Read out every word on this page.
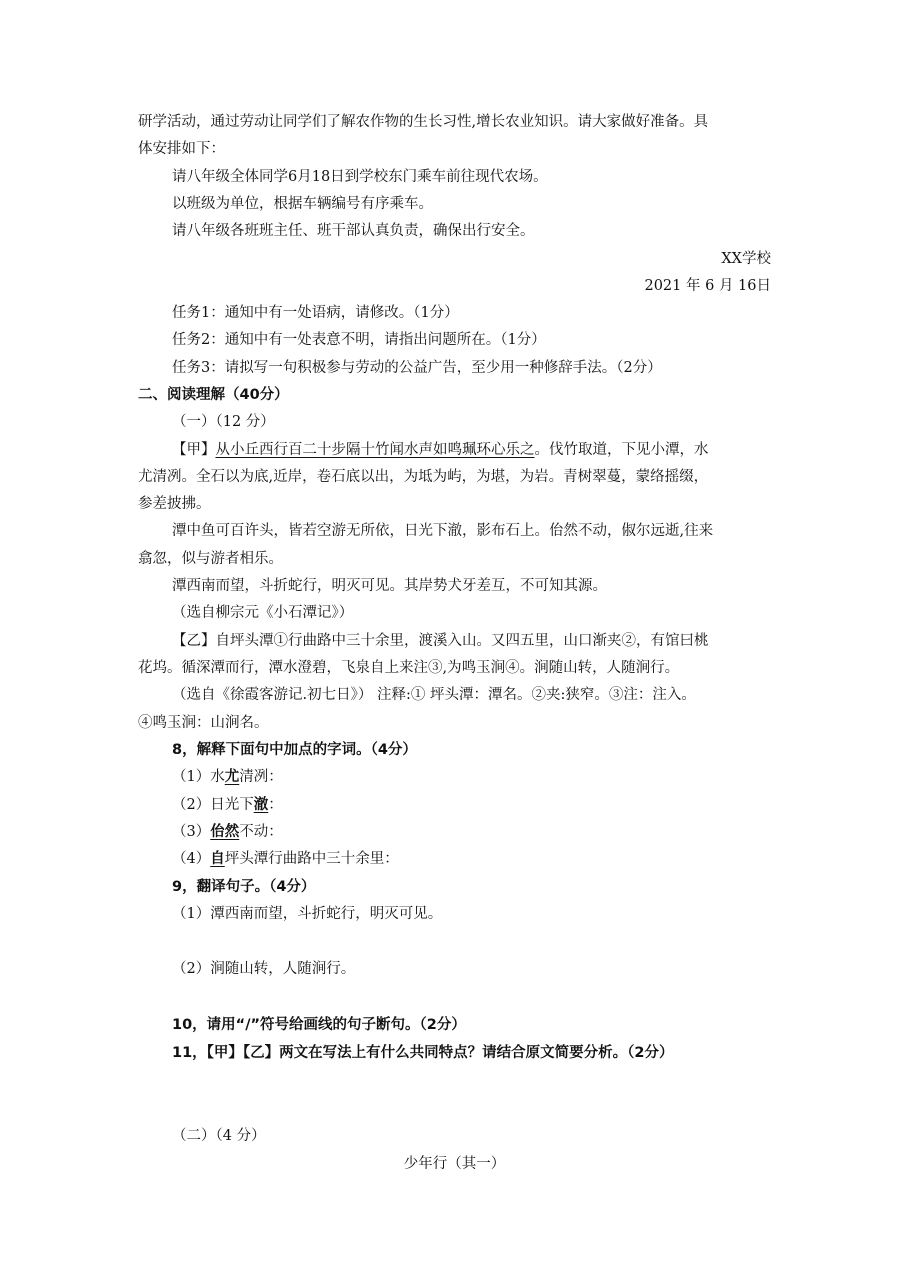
研学活动，通过劳动让同学们了解农作物的生长习性,增长农业知识。请大家做好准备。具
体安排如下：
请八年级全体同学6月18日到学校东门乘车前往现代农场。
以班级为单位，根据车辆编号有序乘车。
请八年级各班班主任、班干部认真负责，确保出行安全。
XX学校
2021 年 6 月 16日
任务1：通知中有一处语病，请修改。（1分）
任务2：通知中有一处表意不明，请指出问题所在。（1分）
任务3：请拟写一句积极参与劳动的公益广告，至少用一种修辞手法。（2分）
二、阅读理解（40分）
（一）（12 分）
【甲】从小丘西行百二十步隔十竹闻水声如鸣珮环心乐之。伐竹取道，下见小潭，水
尤清冽。全石以为底,近岸，卷石底以出，为坻为屿，为堪，为岩。青树翠蔓，蒙络摇缀，
参差披拂。
潭中鱼可百许头，皆若空游无所依，日光下澈，影布石上。佁然不动，俶尔远逝,往来
翕忽，似与游者相乐。
潭西南而望，斗折蛇行，明灭可见。其岸势犬牙差互，不可知其源。
（选自柳宗元《小石潭记》）
【乙】自坪头潭①行曲路中三十余里，渡溪入山。又四五里，山口渐夹②，有馆曰桃
花坞。循深潭而行，潭水澄碧，飞泉自上来注③,为鸣玉涧④。涧随山转，人随涧行。
（选自《徐霞客游记.初七日》） 注释:① 坪头潭：潭名。②夹:狭窄。③注：注入。
④鸣玉涧：山涧名。
8，解释下面句中加点的字词。（4分）
（1）水尤清冽：
（2）日光下澈：
（3）佁然不动：
（4）自坪头潭行曲路中三十余里：
9，翻译句子。（4分）
（1）潭西南而望，斗折蛇行，明灭可见。
（2）涧随山转，人随涧行。
10，请用“/”符号给画线的句子断句。（2分）
11，【甲】【乙】两文在写法上有什么共同特点？请结合原文简要分析。（2分）
（二）（4 分）
少年行（其一）
